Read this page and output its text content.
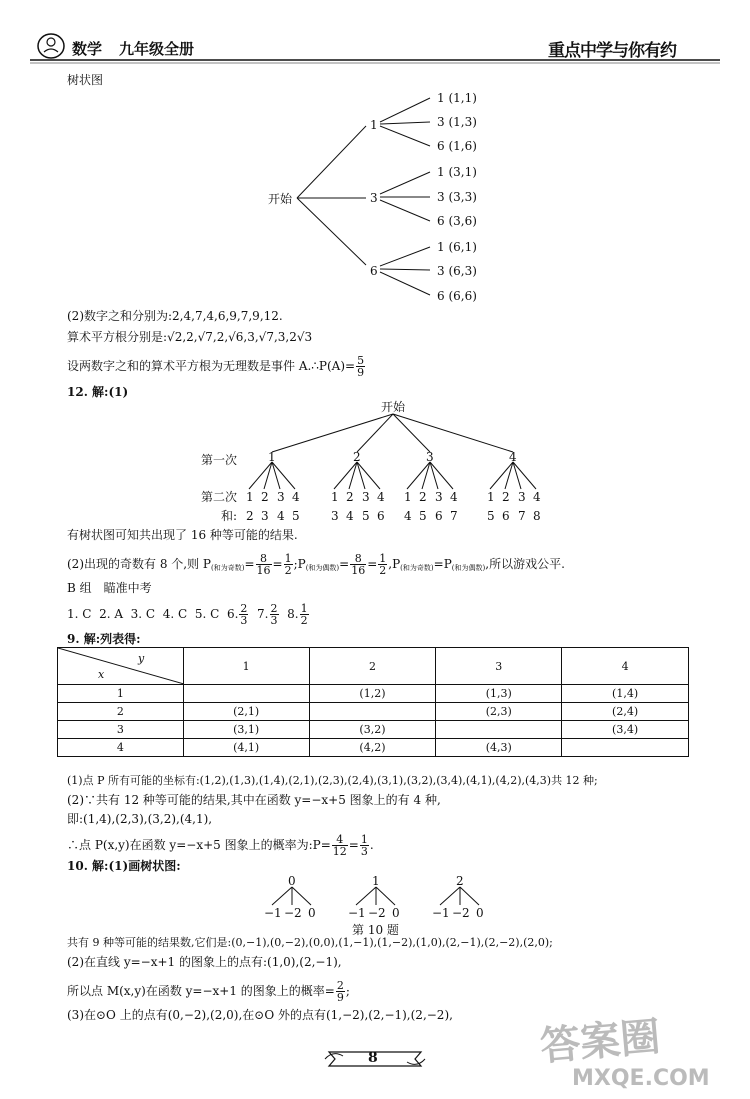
数学 九年级全册	重点中学与你有约
树状图
开始
1
3
6
1 (1,1)
3 (1,3)
6 (1,6)
1 (3,1)
3 (3,3)
6 (3,6)
1 (6,1)
3 (6,3)
6 (6,6)
(2)数字之和分别为:2,4,7,4,6,9,7,9,12.
算术平方根分别是:√2,2,√7,2,√6,3,√7,3,2√3
设两数字之和的算术平方根为无理数是事件 A.∴P(A)= $\frac{5}{9}$
12. 解:(1)
开始
第一次	1	2	3	4
第二次
和:
1 2 3 4	1 2 3 4 1 2 3 4 1 2 3 4
2 3 4 5	3 4 5 6 4 5 6 7 5 6 7 8
有树状图可知共出现了 16 种等可能的结果.
(2)出现的奇数有 8 个,则 $P_{(和为奇数)}= \frac{8}{16} = \frac{1}{2}$ $;P_{(和为偶数)}= \frac{8}{16} = \frac{1}{2} ,P_{(和为奇数)}=P_{(和为偶数)}$,所以游戏公平.
B 组　瞄准中考
1. C 2. A 3. C 4. C 5. C 6. $\frac{2}{3} 7$. $\frac{2}{3} 8$. $\frac{1}{2}$
9. 解:列表得:
y
x	1	2	3	4
1		(1,2)	(1,3)	(1,4)
2	(2,1)		(2,3)	(2,4)
3	(3,1)	(3,2)		(3,4)
4	(4,1)	(4,2)	(4,3)	
(1)点 P 所有可能的坐标有:(1,2),(1,3),(1,4),(2,1),(2,3),(2,4),(3,1),(3,2),(3,4),(4,1),(4,2),(4,3)共 12 种;
(2)∵共有 12 种等可能的结果,其中在函数 y=−x+5 图象上的有 4 种,
即:(1,4),(2,3),(3,2),(4,1),
∴点 P(x,y)在函数 y=−x+5 图象上的概率为:P= $\frac{4}{12} = \frac{1}{3}$ .
10. 解:(1)画树状图:
0	1	2
−1 −2 0	−1 −2 0	−1 −2 0
第 10 题
共有 9 种等可能的结果数,它们是:(0,−1),(0,−2),(0,0),(1,−1),(1,−2),(1,0),(2,−1),(2,−2),(2,0);
(2)在直线 y=−x+1 的图象上的点有:(1,0),(2,−1),
所以点 M(x,y)在函数 y=−x+1 的图象上的概率= $\frac{2}{9}$ ;
(3)在⊙O 上的点有(0,−2),(2,0),在⊙O 外的点有(1,−2),(2,−1),(2,−2),
8	答案圈
MXQE.COM
